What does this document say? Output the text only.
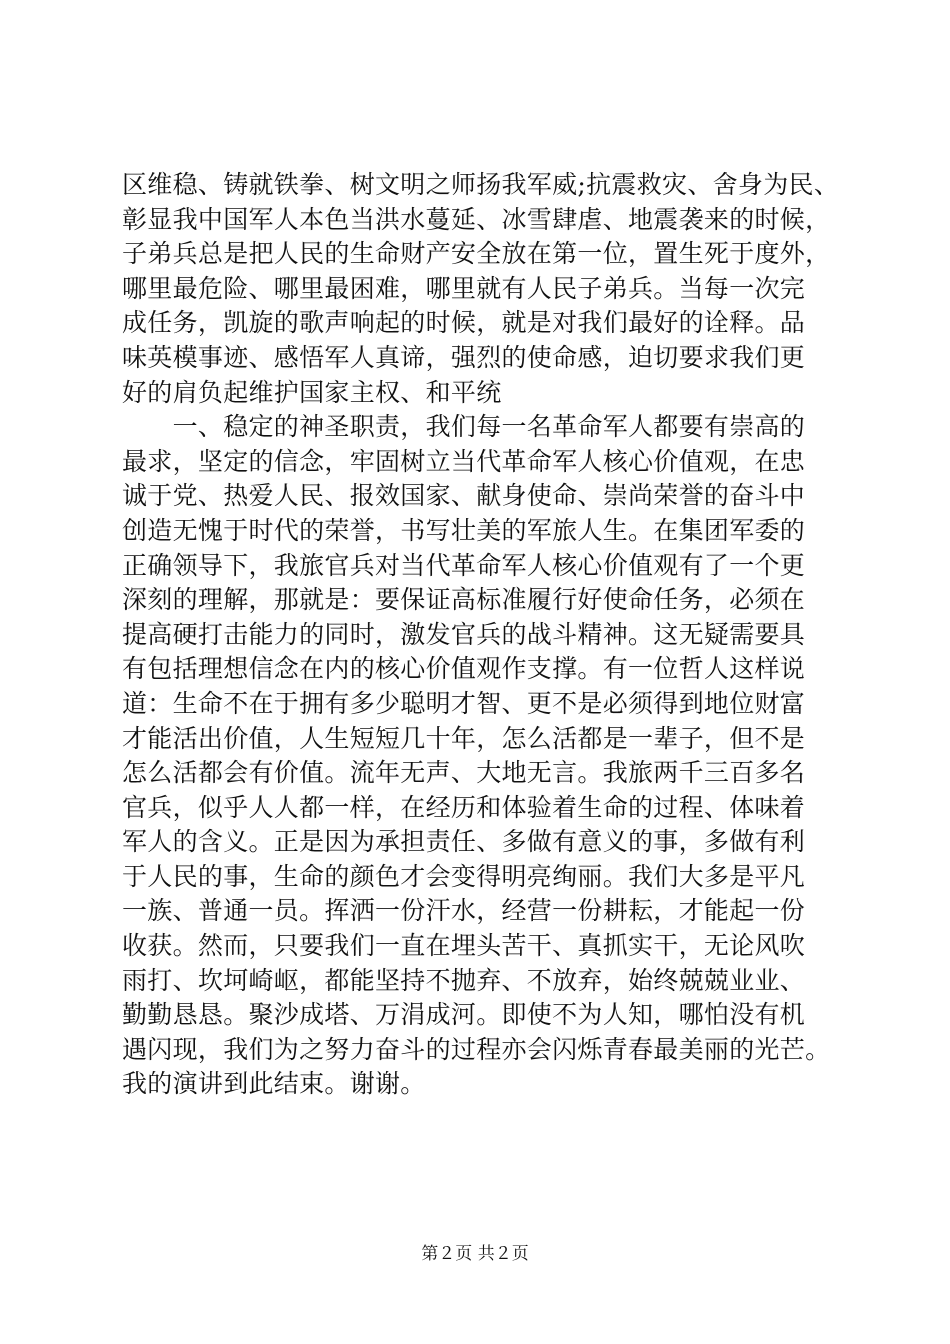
区维稳、铸就铁拳、树文明之师扬我军威;抗震救灾、舍身为民、
彰显我中国军人本色当洪水蔓延、冰雪肆虐、地震袭来的时候，
子弟兵总是把人民的生命财产安全放在第一位，置生死于度外，
哪里最危险、哪里最困难，哪里就有人民子弟兵。当每一次完
成任务，凯旋的歌声响起的时候，就是对我们最好的诠释。品
味英模事迹、感悟军人真谛，强烈的使命感，迫切要求我们更
好的肩负起维护国家主权、和平统
　　一、稳定的神圣职责，我们每一名革命军人都要有崇高的
最求，坚定的信念，牢固树立当代革命军人核心价值观，在忠
诚于党、热爱人民、报效国家、献身使命、崇尚荣誉的奋斗中
创造无愧于时代的荣誉，书写壮美的军旅人生。在集团军委的
正确领导下，我旅官兵对当代革命军人核心价值观有了一个更
深刻的理解，那就是：要保证高标准履行好使命任务，必须在
提高硬打击能力的同时，激发官兵的战斗精神。这无疑需要具
有包括理想信念在内的核心价值观作支撑。有一位哲人这样说
道：生命不在于拥有多少聪明才智、更不是必须得到地位财富
才能活出价值，人生短短几十年，怎么活都是一辈子，但不是
怎么活都会有价值。流年无声、大地无言。我旅两千三百多名
官兵，似乎人人都一样，在经历和体验着生命的过程、体味着
军人的含义。正是因为承担责任、多做有意义的事，多做有利
于人民的事，生命的颜色才会变得明亮绚丽。我们大多是平凡
一族、普通一员。挥洒一份汗水，经营一份耕耘，才能起一份
收获。然而，只要我们一直在埋头苦干、真抓实干，无论风吹
雨打、坎坷崎岖，都能坚持不抛弃、不放弃，始终兢兢业业、
勤勤恳恳。聚沙成塔、万涓成河。即使不为人知，哪怕没有机
遇闪现，我们为之努力奋斗的过程亦会闪烁青春最美丽的光芒。
我的演讲到此结束。谢谢。
第２页 共２页
